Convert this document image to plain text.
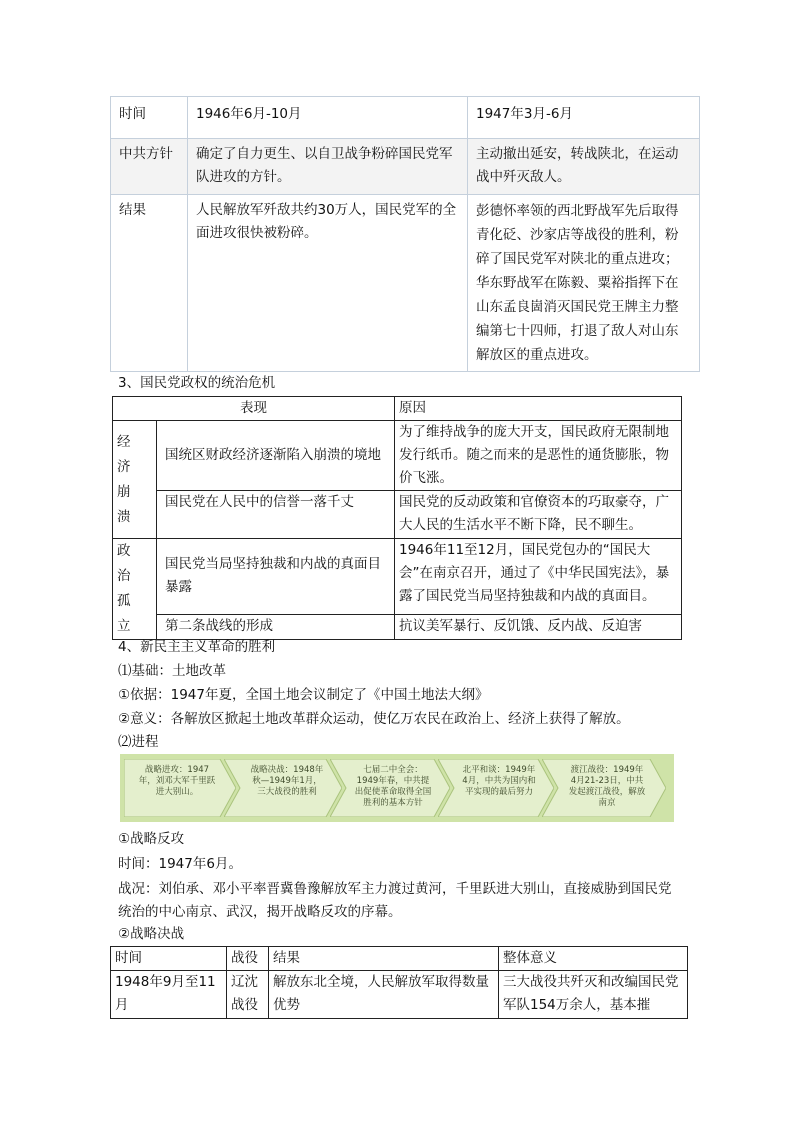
时间	1946年6月-10月	1947年3月-6月
中共方针	确定了自力更生、以自卫战争粉碎国民党军队进攻的方针。	主动撤出延安，转战陕北，在运动战中歼灭敌人。
结果	人民解放军歼敌共约30万人，国民党军的全面进攻很快被粉碎。	彭德怀率领的西北野战军先后取得青化砭、沙家店等战役的胜利，粉碎了国民党军对陕北的重点进攻；华东野战军在陈毅、粟裕指挥下在山东孟良崮消灭国民党王牌主力整编第七十四师，打退了敌人对山东解放区的重点进攻。
3、国民党政权的统治危机
表现		原因
经济崩溃	国统区财政经济逐渐陷入崩溃的境地	为了维持战争的庞大开支，国民政府无限制地发行纸币。随之而来的是恶性的通货膨胀，物价飞涨。
	国民党在人民中的信誉一落千丈	国民党的反动政策和官僚资本的巧取豪夺，广大人民的生活水平不断下降，民不聊生。
政治孤立	国民党当局坚持独裁和内战的真面目暴露	1946年11至12月，国民党包办的“国民大会”在南京召开，通过了《中华民国宪法》，暴露了国民党当局坚持独裁和内战的真面目。
	第二条战线的形成	抗议美军暴行、反饥饿、反内战、反迫害
4、新民主主义革命的胜利
⑴基础：土地改革
①依据：1947年夏，全国土地会议制定了《中国土地法大纲》
②意义：各解放区掀起土地改革群众运动，使亿万农民在政治上、经济上获得了解放。
⑵进程
战略进攻：1947年，刘邓大军千里跃进大别山。
战略决战：1948年秋—1949年1月，三大战役的胜利
七届二中全会：1949年春，中共提出促使革命取得全国胜利的基本方针
北平和谈：1949年4月，中共为国内和平实现的最后努力
渡江战役：1949年4月21-23日，中共发起渡江战役，解放南京
①战略反攻
时间：1947年6月。
战况：刘伯承、邓小平率晋冀鲁豫解放军主力渡过黄河，千里跃进大别山，直接威胁到国民党统治的中心南京、武汉，揭开战略反攻的序幕。
②战略决战
时间	战役	结果	整体意义
1948年9月至11月	辽沈战役	解放东北全境，人民解放军取得数量优势	三大战役共歼灭和改编国民党军队154万余人，基本摧
